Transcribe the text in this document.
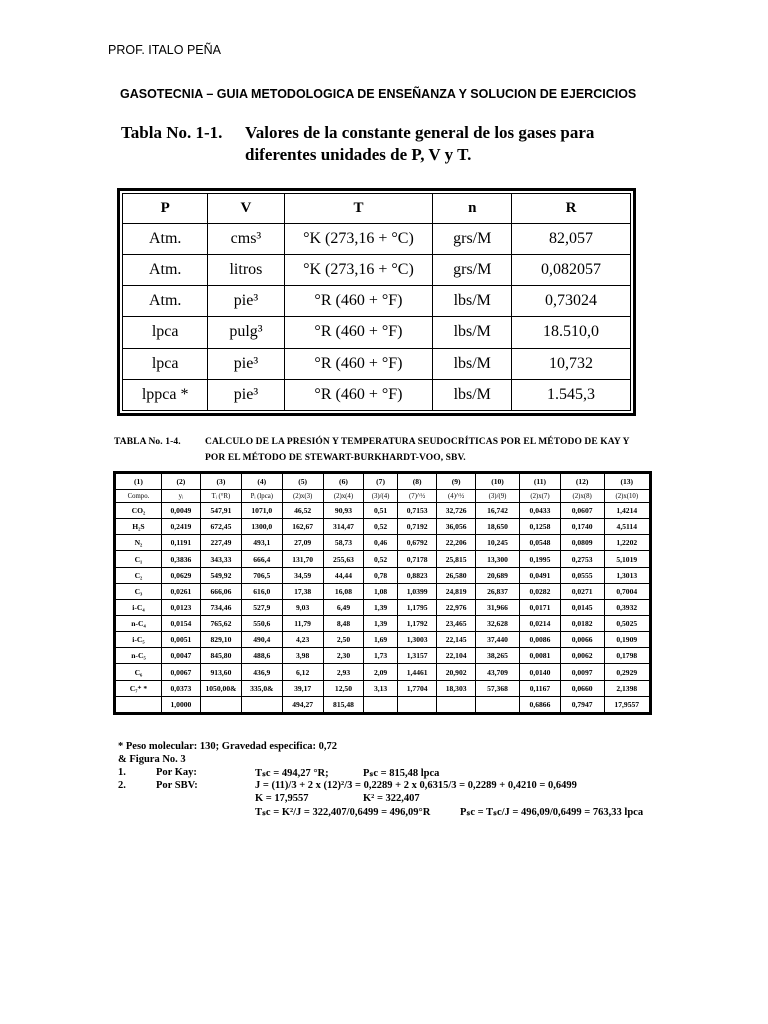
PROF. ITALO PEÑA
GASOTECNIA – GUIA METODOLOGICA DE ENSEÑANZA Y SOLUCION DE EJERCICIOS
Tabla No. 1-1. Valores de la constante general de los gases para
diferentes unidades de P, V y T.
P	V	T	n	R
Atm.	cms³	°K (273,16 + °C)	grs/M	82,057
Atm.	litros	°K (273,16 + °C)	grs/M	0,082057
Atm.	pie³	°R (460 + °F)	lbs/M	0,73024
lpca	pulg³	°R (460 + °F)	lbs/M	18.510,0
lpca	pie³	°R (460 + °F)	lbs/M	10,732
lppca *	pie³	°R (460 + °F)	lbs/M	1.545,3
TABLA No. 1-4.	CALCULO DE LA PRESIÓN Y TEMPERATURA SEUDOCRÍTICAS POR EL MÉTODO DE KAY Y
POR EL MÉTODO DE STEWART-BURKHARDT-VOO, SBV.
(1)	(2)	(3)	(4)	(5)	(6)	(7)	(8)	(9)	(10)	(11)	(12)	(13)
Compo.	yᵢ	Tᵢ (°R)	Pᵢ (lpca)	(2)x(3)	(2)x(4)	(3)/(4)	(7)^½	(4)^½	(3)/(9)	(2)x(7)	(2)x(8)	(2)x(10)
CO₂	0,0049	547,91	1071,0	46,52	90,93	0,51	0,7153	32,726	16,742	0,0433	0,0607	1,4214
H₂S	0,2419	672,45	1300,0	162,67	314,47	0,52	0,7192	36,056	18,650	0,1258	0,1740	4,5114
N₂	0,1191	227,49	493,1	27,09	58,73	0,46	0,6792	22,206	10,245	0,0548	0,0809	1,2202
C₁	0,3836	343,33	666,4	131,70	255,63	0,52	0,7178	25,815	13,300	0,1995	0,2753	5,1019
C₂	0,0629	549,92	706,5	34,59	44,44	0,78	0,8823	26,580	20,689	0,0491	0,0555	1,3013
C₃	0,0261	666,06	616,0	17,38	16,08	1,08	1,0399	24,819	26,837	0,0282	0,0271	0,7004
i-C₄	0,0123	734,46	527,9	9,03	6,49	1,39	1,1795	22,976	31,966	0,0171	0,0145	0,3932
n-C₄	0,0154	765,62	550,6	11,79	8,48	1,39	1,1792	23,465	32,628	0,0214	0,0182	0,5025
i-C₅	0,0051	829,10	490,4	4,23	2,50	1,69	1,3003	22,145	37,440	0,0086	0,0066	0,1909
n-C₅	0,0047	845,80	488,6	3,98	2,30	1,73	1,3157	22,104	38,265	0,0081	0,0062	0,1798
C₆	0,0067	913,60	436,9	6,12	2,93	2,09	1,4461	20,902	43,709	0,0140	0,0097	0,2929
C₇⁺ *	0,0373	1050,00&	335,0&	39,17	12,50	3,13	1,7704	18,303	57,368	0,1167	0,0660	2,1398
	1,0000			494,27	815,48					0,6866	0,7947	17,9557
* Peso molecular: 130; Gravedad especifica: 0,72
& Figura No. 3
1.	Por Kay:	Tₛc = 494,27 °R;	Pₛc = 815,48 lpca
2.	Por SBV:	J = (11)/3 + 2 x (12)²/3 = 0,2289 + 2 x 0,6315/3 = 0,2289 + 0,4210 = 0,6499
K = 17,9557	K² = 322,407
Tₛc = K²/J = 322,407/0,6499 = 496,09°R	Pₛc = Tₛc/J = 496,09/0,6499 = 763,33 lpca
